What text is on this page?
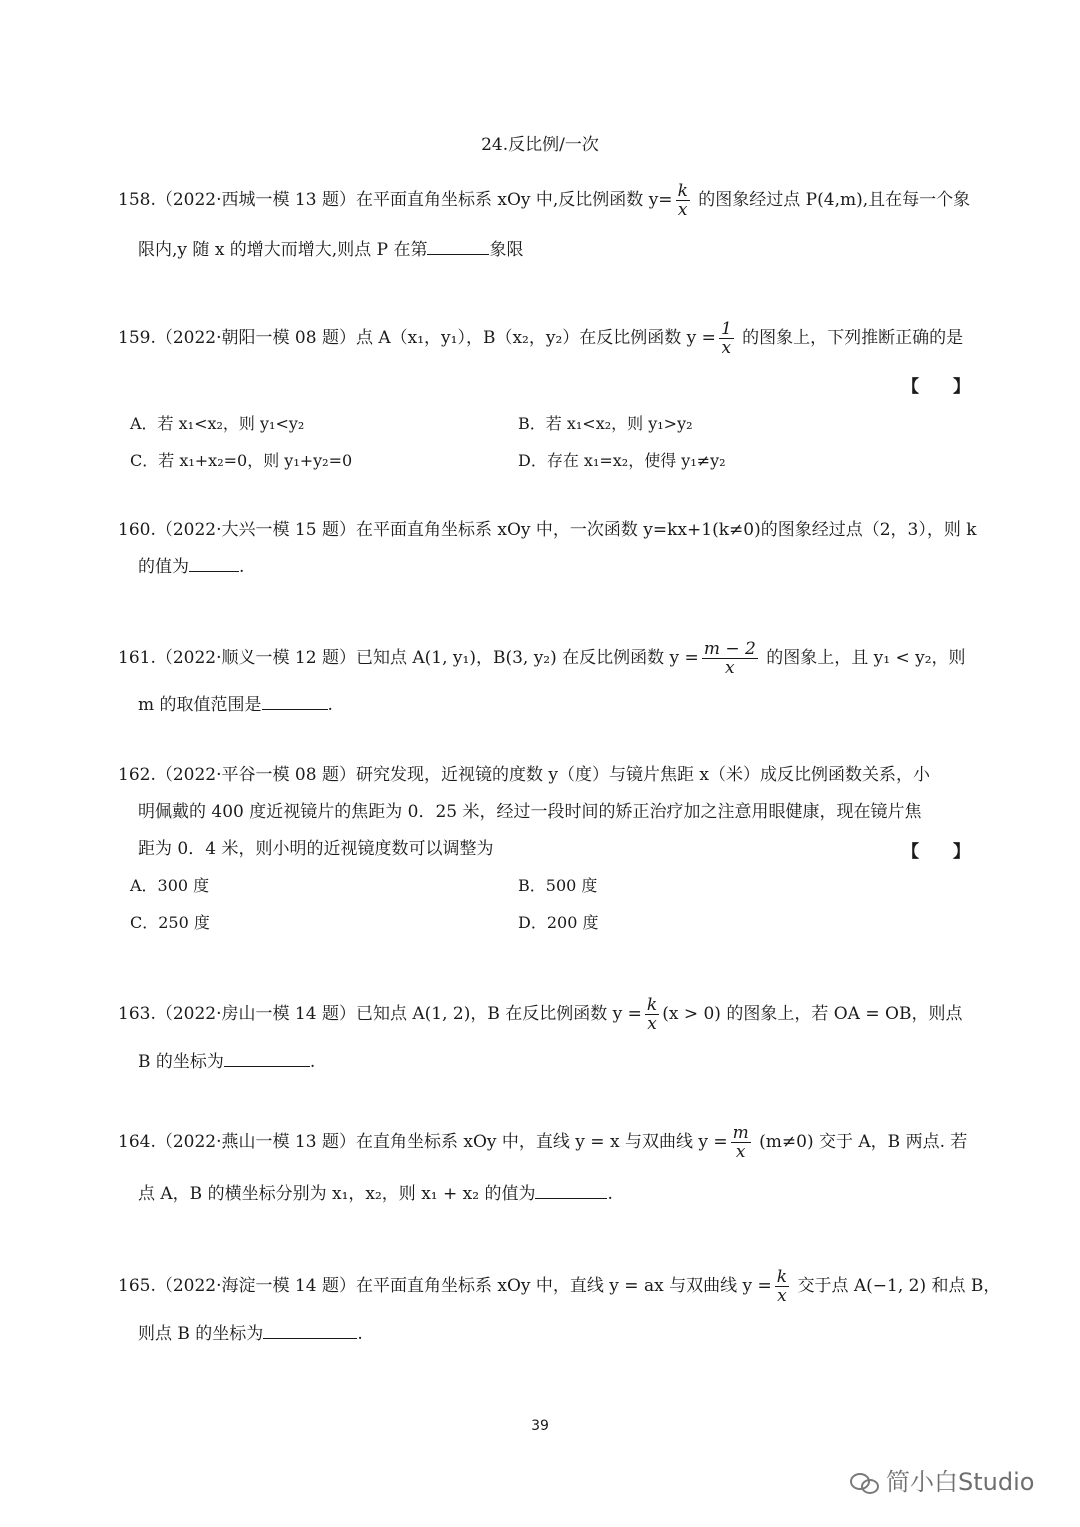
24.反比例/一次
158.（2022·西城一模 13 题）在平面直角坐标系 xOy 中,反比例函数 $y= \frac{k}{x}$ 的图象经过点 P(4,m),且在每一个象
限内,y 随 x 的增大而增大,则点 P 在第	象限
159.（2022·朝阳一模 08 题）点 A（x₁，y₁），B（x₂，y₂）在反比例函数 $y = \frac{1}{x}$ 的图象上，下列推断正确的是
【　　】
A．若 x₁<x₂，则 y₁<y₂	B．若 x₁<x₂，则 y₁>y₂
C．若 x₁+x₂=0，则 y₁+y₂=0	D．存在 x₁=x₂，使得 y₁≠y₂
160.（2022·大兴一模 15 题）在平面直角坐标系 xOy 中，一次函数 y=kx+1(k≠0)的图象经过点（2，3），则 k
的值为	.
161.（2022·顺义一模 12 题）已知点 A(1, y₁)，B(3, y₂) 在反比例函数 $y = \frac{m - 2}{x}$ 的图象上，且 y₁ < y₂，则
m 的取值范围是	.
162.（2022·平谷一模 08 题）研究发现，近视镜的度数 y（度）与镜片焦距 x（米）成反比例函数关系，小
明佩戴的 400 度近视镜片的焦距为 0．25 米，经过一段时间的矫正治疗加之注意用眼健康，现在镜片焦
距为 0．4 米，则小明的近视镜度数可以调整为	【　　】
A．300 度	B．500 度
C．250 度	D．200 度
163.（2022·房山一模 14 题）已知点 A(1, 2)，B 在反比例函数 $y = \frac{k}{x} (x > 0)$ 的图象上，若 OA = OB，则点
B 的坐标为	.
164.（2022·燕山一模 13 题）在直角坐标系 xOy 中，直线 y = x 与双曲线 $y = \frac{m}{x} (m\ne 0)$ 交于 A，B 两点. 若
点 A，B 的横坐标分别为 x₁，x₂，则 x₁ + x₂ 的值为	.
165.（2022·海淀一模 14 题）在平面直角坐标系 xOy 中，直线 y = ax 与双曲线 $y = \frac{k}{x}$ 交于点 A(−1, 2) 和点 B，
则点 B 的坐标为	.
39
简小白Studio
